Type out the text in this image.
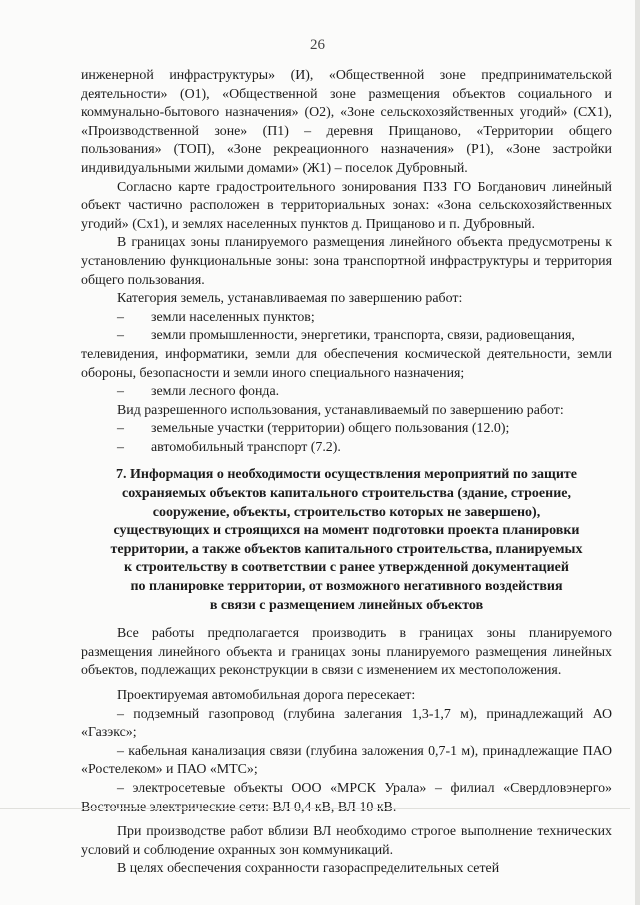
26

инженерной инфраструктуры» (И), «Общественной зоне предпринимательской деятельности» (О1), «Общественной зоне размещения объектов социального и коммунально-бытового назначения» (О2), «Зоне сельскохозяйственных угодий» (СХ1), «Производственной зоне» (П1) – деревня Прищаново, «Территории общего пользования» (ТОП), «Зоне рекреационного назначения» (Р1), «Зоне застройки индивидуальными жилыми домами» (Ж1) – поселок Дубровный.

Согласно карте градостроительного зонирования ПЗЗ ГО Богданович линейный объект частично расположен в территориальных зонах: «Зона сельскохозяйственных угодий» (Сх1), и землях населенных пунктов д. Прищаново и п. Дубровный.

В границах зоны планируемого размещения линейного объекта предусмотрены к установлению функциональные зоны: зона транспортной инфраструктуры и территория общего пользования.

Категория земель, устанавливаемая по завершению работ:

–	земли населенных пунктов;
–	земли промышленности, энергетики, транспорта, связи, радиовещания,

телевидения, информатики, земли для обеспечения космической деятельности, земли обороны, безопасности и земли иного специального назначения;

–	земли лесного фонда.

Вид разрешенного использования, устанавливаемый по завершению работ:

–	земельные участки (территории) общего пользования (12.0);
–	автомобильный транспорт (7.2).
7. Информация о необходимости осуществления мероприятий по защите
сохраняемых объектов капитального строительства (здание, строение,
сооружение, объекты, строительство которых не завершено),
существующих и строящихся на момент подготовки проекта планировки
территории, а также объектов капитального строительства, планируемых
к строительству в соответствии с ранее утвержденной документацией
по планировке территории, от возможного негативного воздействия
в связи с размещением линейных объектов

Все работы предполагается производить в границах зоны планируемого размещения линейного объекта и границах зоны планируемого размещения линейных объектов, подлежащих реконструкции в связи с изменением их местоположения.

Проектируемая автомобильная дорога пересекает:

– подземный газопровод (глубина залегания 1,3-1,7 м), принадлежащий АО «Газэкс»;

– кабельная канализация связи (глубина заложения 0,7-1 м), принадлежащие ПАО «Ростелеком» и ПАО «МТС»;

– электросетевые объекты ООО «МРСК Урала» – филиал «Свердловэнерго»

При производстве работ вблизи ВЛ необходимо строгое выполнение технических условий и соблюдение охранных зон коммуникаций.

В целях обеспечения сохранности газораспределительных сетей
